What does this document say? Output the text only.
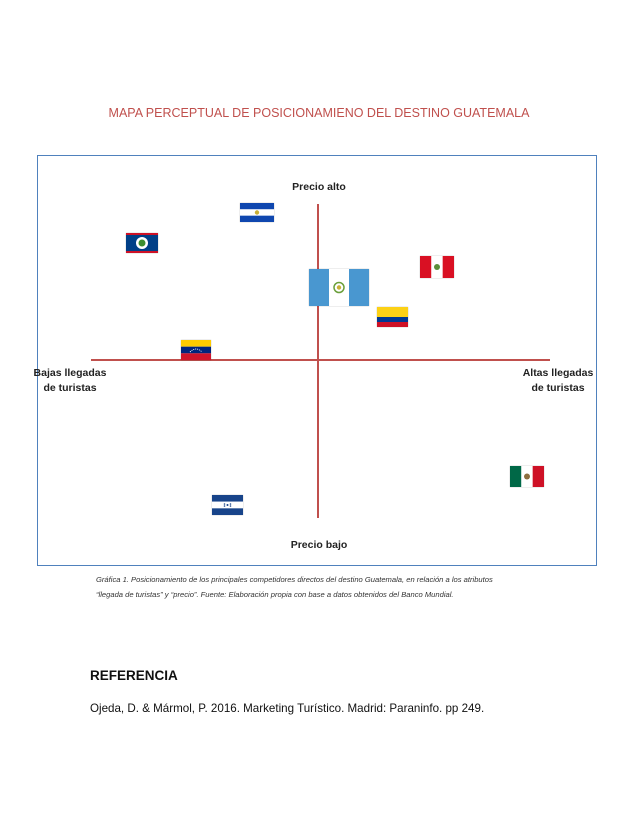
MAPA PERCEPTUAL DE POSICIONAMIENO DEL DESTINO GUATEMALA
Precio alto
Precio bajo
Bajas llegadas de turistas
Altas llegadas de turistas
Gráfica 1. Posicionamiento de los principales competidores directos del destino Guatemala, en relación a los atributos
“llegada de turistas” y “precio”. Fuente: Elaboración propia con base a datos obtenidos del Banco Mundial.
REFERENCIA
Ojeda, D. & Mármol, P. 2016. Marketing Turístico. Madrid: Paraninfo. pp 249.
